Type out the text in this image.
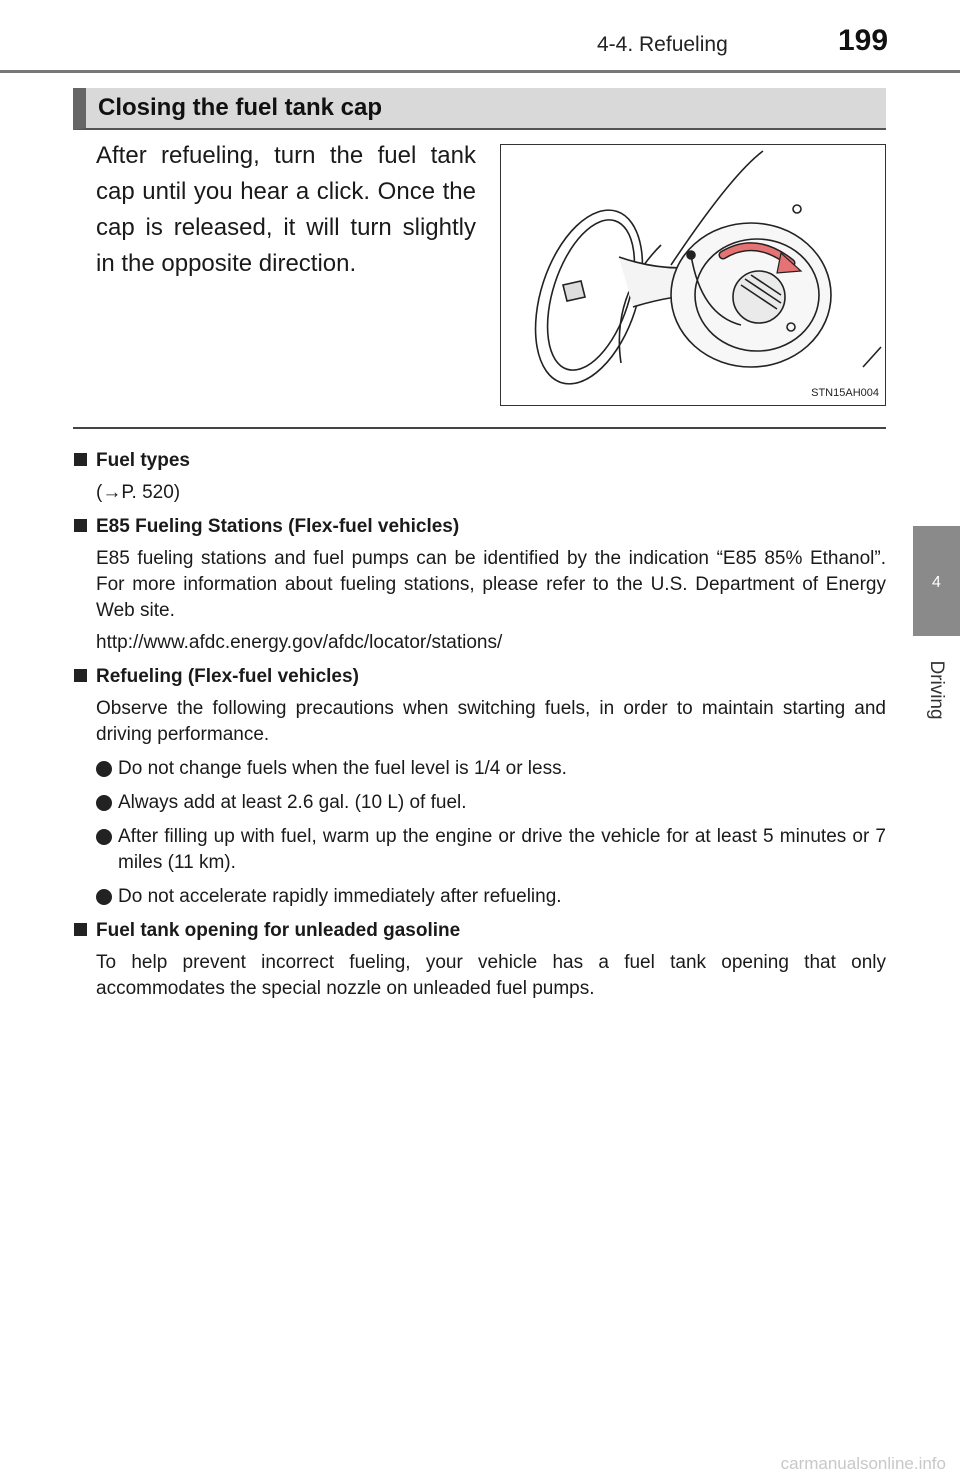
4-4. Refueling	199
4
Driving
Closing the fuel tank cap
After refueling, turn the fuel tank cap until you hear a click. Once the cap is released, it will turn slightly in the opposite direction.
STN15AH004
Fuel types
(→P. 520)
E85 Fueling Stations (Flex-fuel vehicles)
E85 fueling stations and fuel pumps can be identified by the indication “E85 85% Ethanol”. For more information about fueling stations, please refer to the U.S. Department of Energy Web site.
http://www.afdc.energy.gov/afdc/locator/stations/
Refueling (Flex-fuel vehicles)
Observe the following precautions when switching fuels, in order to maintain starting and driving performance.
Do not change fuels when the fuel level is 1/4 or less.
Always add at least 2.6 gal. (10 L) of fuel.
After filling up with fuel, warm up the engine or drive the vehicle for at least 5 minutes or 7 miles (11 km).
Do not accelerate rapidly immediately after refueling.
Fuel tank opening for unleaded gasoline
To help prevent incorrect fueling, your vehicle has a fuel tank opening that only accommodates the special nozzle on unleaded fuel pumps.
carmanualsonline.info
